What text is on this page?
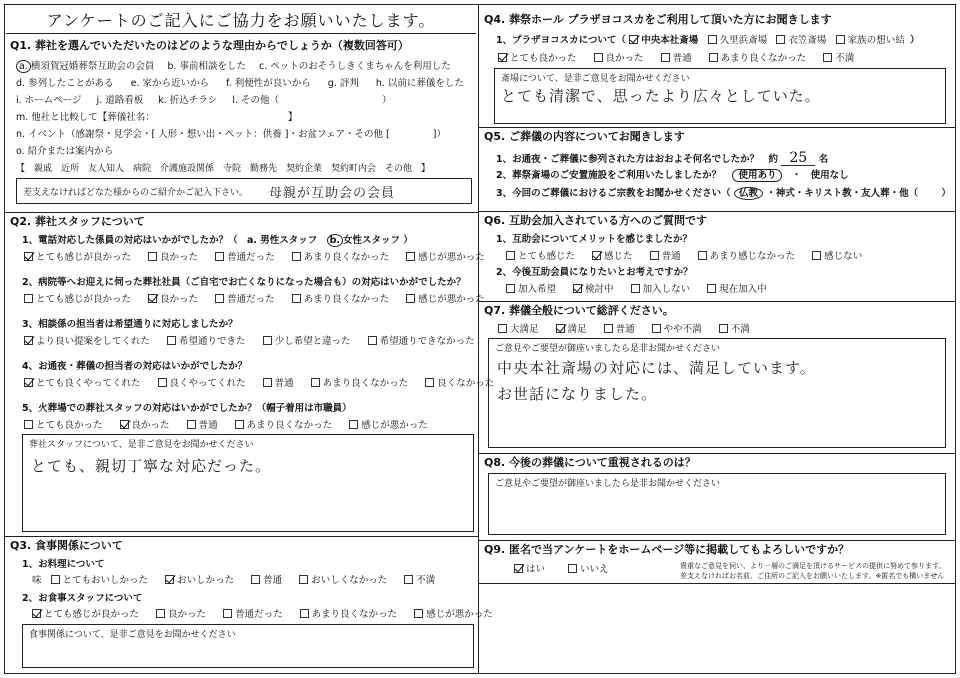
アンケートのご記入にご協力をお願いいたします。
Q1. 葬社を選んでいただいたのはどのような理由からでしょうか（複数回答可）
a. 横須賀冠婚葬祭互助会の会員 b. 事前相談をした c. ペットのおそうしきくまちゃんを利用した
d. 参列したことがある e. 家から近いから f. 利便性が良いから g. 評判 h. 以前に葬儀をした
i. ホームページ j. 道路看板 k. 折込チラシ l. その他（	）
m. 他社と比較して【葬儀社名：	】
n. イベント（感謝祭・見学会・[ 人形・想い出・ペット：供養 ]・お盆フェア・その他 [	]）
o. 紹介または案内から
【　親戚　近所　友人知人　病院　介護施設関係　寺院　勤務先　契約企業　契約町内会　その他　】
差支えなければどなた様からのご紹介かご記入下さい。 母親が互助会の会員
Q2. 葬社スタッフについて
1、電話対応した係員の対応はいかがでしたか？（ a. 男性スタッフ b. 女性スタッフ ）
とても感じが良かった	良かった	普通だった	あまり良くなかった	感じが悪かった
2、病院等へお迎えに伺った葬社社員（ご自宅でお亡くなりになった場合も）の対応はいかがでしたか？
とても感じが良かった	良かった	普通だった	あまり良くなかった	感じが悪かった
3、相談係の担当者は希望通りに対応しましたか？
より良い提案をしてくれた	希望通りできた	少し希望と違った	希望通りできなかった
4、お通夜・葬儀の担当者の対応はいかがでしたか？
とても良くやってくれた	良くやってくれた	普通	あまり良くなかった	良くなかった
5、火葬場での葬社スタッフの対応はいかがでしたか？（帽子着用は市職員）
とても良かった	良かった	普通	あまり良くなかった	感じが悪かった
葬社スタッフについて、是非ご意見をお聞かせください
とても、親切丁寧な対応だった。
Q3. 食事関係について
1、お料理について
味 とてもおいしかった	おいしかった	普通	おいしくなかった	不満
2、お食事スタッフについて
とても感じが良かった	良かった	普通だった	あまり良くなかった	感じが悪かった
食事関係について、是非ご意見をお聞かせください
Q4. 葬祭ホール プラザヨコスカをご利用して頂いた方にお聞きします
1、プラザヨコスカについて（ 中央本社斎場 久里浜斎場 衣笠斎場 家族の想い結 ）
とても良かった	良かった	普通	あまり良くなかった	不満
斎場について、是非ご意見をお聞かせください
とても清潔で、思ったより広々としていた。
Q5. ご葬儀の内容についてお聞きします
1、お通夜・ご葬儀に参列された方はおおよそ何名でしたか？ 約 25 名
2、葬祭斎場のご安置施設をご利用いたしましたか？ 使用あり ・ 使用なし
3、今回のご葬儀におけるご宗教をお聞かせください（ 仏教 ・神式・キリスト教・友人葬・他（ ）
Q6. 互助会加入されている方へのご質問です
1、互助会についてメリットを感じましたか？
とても感じた	感じた	普通	あまり感じなかった	感じない
2、今後互助会員になりたいとお考えですか？
加入希望	検討中	加入しない	現在加入中
Q7. 葬儀全般について総評ください。
大満足	満足	普通	やや不満	不満
ご意見やご要望が御座いましたら是非お聞かせください
中央本社斎場の対応には、満足しています。
お世話になりました。
Q8. 今後の葬儀について重視されるのは？
ご意見やご要望が御座いましたら是非お聞かせください
Q9. 匿名で当アンケートをホームページ等に掲載してもよろしいですか？
はい	いいえ	貴重なご意見を伺い、より一層のご満足を頂けるサービスの提供に努めて参ります。
差支えなければお名前、ご住所のご記入をお願いいたします。※匿名でも構いません
